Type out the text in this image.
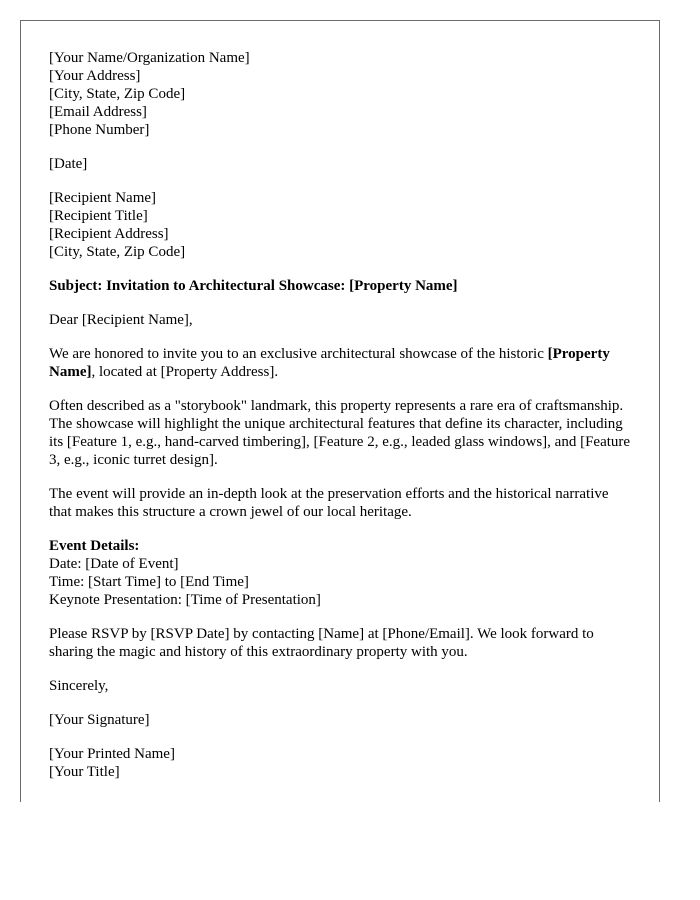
[Your Name/Organization Name]
[Your Address]
[City, State, Zip Code]
[Email Address]
[Phone Number]
[Date]
[Recipient Name]
[Recipient Title]
[Recipient Address]
[City, State, Zip Code]
Subject: Invitation to Architectural Showcase: [Property Name]

Dear [Recipient Name],

We are honored to invite you to an exclusive architectural showcase of the historic [Property Name], located at [Property Address].

Often described as a "storybook" landmark, this property represents a rare era of craftsmanship. The showcase will highlight the unique architectural features that define its character, including its [Feature 1, e.g., hand-carved timbering], [Feature 2, e.g., leaded glass windows], and [Feature 3, e.g., iconic turret design].

The event will provide an in-depth look at the preservation efforts and the historical narrative that makes this structure a crown jewel of our local heritage.

Event Details:
Date: [Date of Event]
Time: [Start Time] to [End Time]
Keynote Presentation: [Time of Presentation]

Please RSVP by [RSVP Date] by contacting [Name] at [Phone/Email]. We look forward to sharing the magic and history of this extraordinary property with you.

Sincerely,

[Your Signature]

[Your Printed Name]
[Your Title]
